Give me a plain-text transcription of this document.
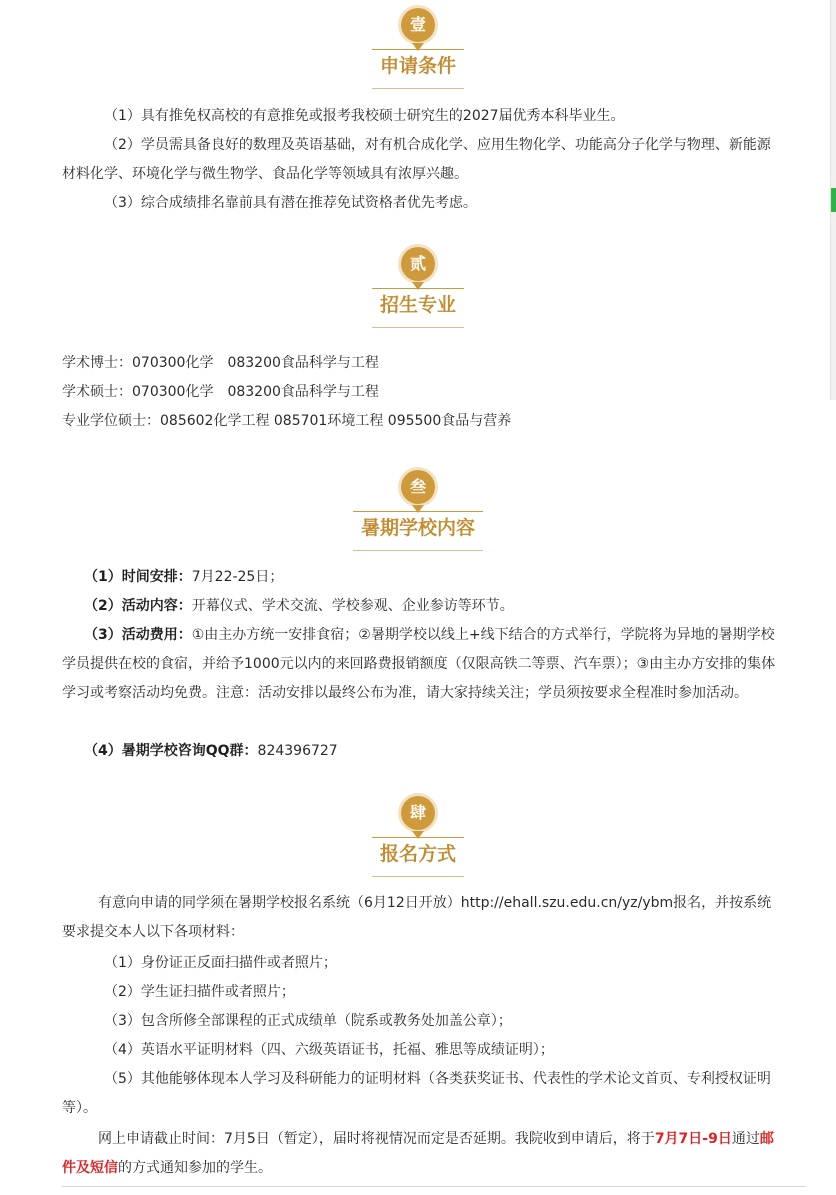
壹
申请条件

（1）具有推免权高校的有意推免或报考我校硕士研究生的2027届优秀本科毕业生。

（2）学员需具备良好的数理及英语基础，对有机合成化学、应用生物化学、功能高分子化学与物理、新能源材料化学、环境化学与微生物学、食品化学等领域具有浓厚兴趣。

（3）综合成绩排名靠前具有潜在推荐免试资格者优先考虑。

贰
招生专业
学术博士：070300化学　083200食品科学与工程
学术硕士：070300化学　083200食品科学与工程
专业学位硕士：085602化学工程 085701环境工程 095500食品与营养
叁
暑期学校内容
（1）时间安排：7月22-25日；
（2）活动内容：开幕仪式、学术交流、学校参观、企业参访等环节。

（3）活动费用：①由主办方统一安排食宿；②暑期学校以线上+线下结合的方式举行，学院将为异地的暑期学校学员提供在校的食宿，并给予1000元以内的来回路费报销额度（仅限高铁二等票、汽车票）；③由主办方安排的集体学习或考察活动均免费。注意：活动安排以最终公布为准，请大家持续关注；学员须按要求全程准时参加活动。

（4）暑期学校咨询QQ群：824396727
肆
报名方式

有意向申请的同学须在暑期学校报名系统（6月12日开放）http://ehall.szu.edu.cn/yz/ybm报名，并按系统要求提交本人以下各项材料：

（1）身份证正反面扫描件或者照片；
（2）学生证扫描件或者照片；
（3）包含所修全部课程的正式成绩单（院系或教务处加盖公章）；
（4）英语水平证明材料（四、六级英语证书，托福、雅思等成绩证明）；

（5）其他能够体现本人学习及科研能力的证明材料（各类获奖证书、代表性的学术论文首页、专利授权证明等）。

网上申请截止时间：7月5日（暂定），届时将视情况而定是否延期。我院收到申请后，将于7月7日-9日通过邮件及短信的方式通知参加的学生。
